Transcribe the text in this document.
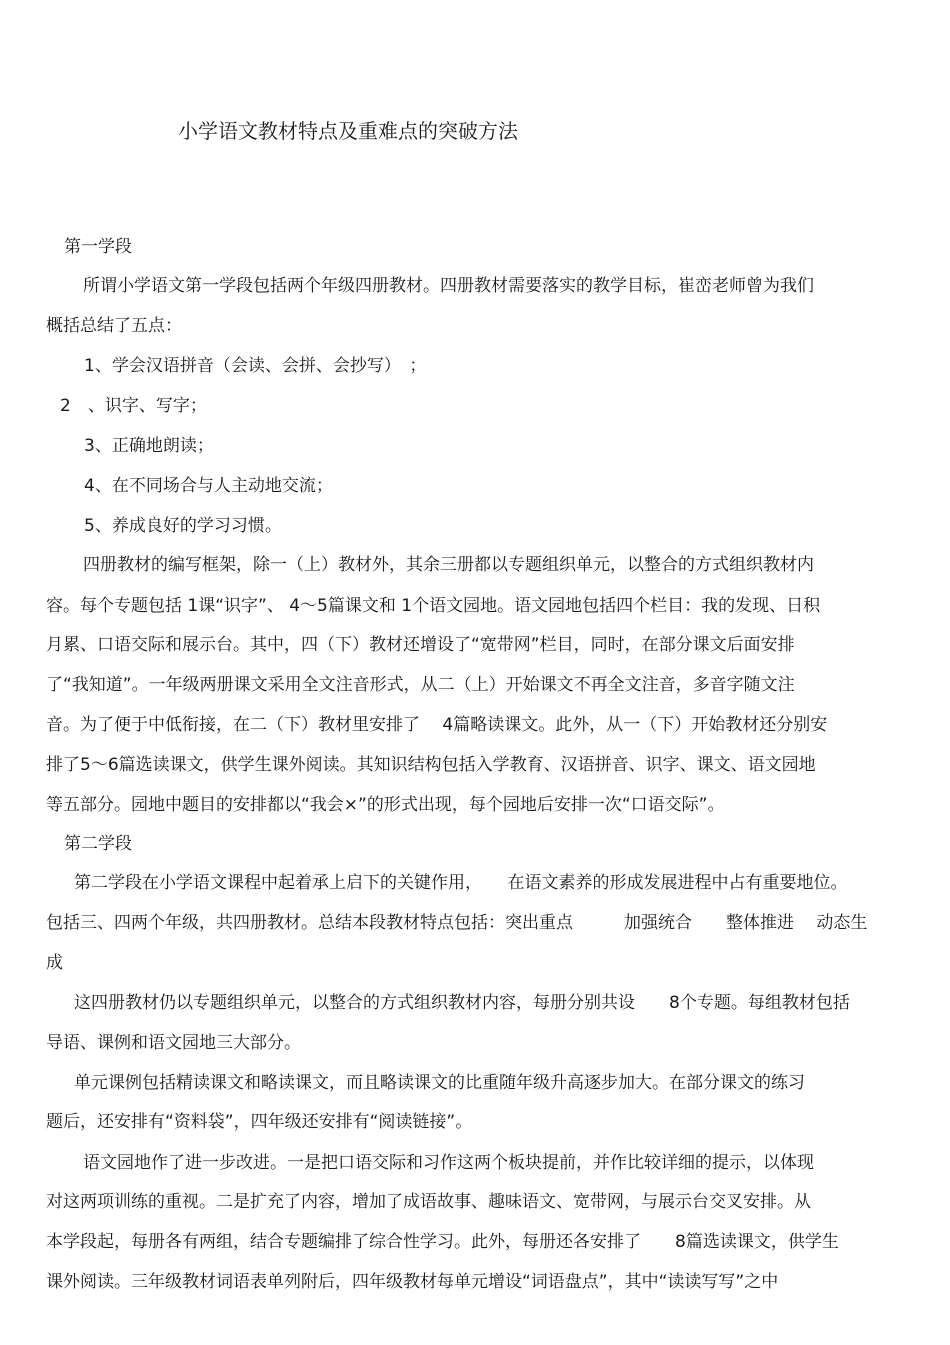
小学语文教材特点及重难点的突破方法
第一学段
所谓小学语文第一学段包括两个年级四册教材。四册教材需要落实的教学目标，崔峦老师曾为我们
概括总结了五点：
1、学会汉语拼音（会读、会拼、会抄写）　；
2　、识字、写字；
3、正确地朗读；
4、在不同场合与人主动地交流；
5、养成良好的学习习惯。
四册教材的编写框架，除一（上）教材外，其余三册都以专题组织单元，以整合的方式组织教材内
容。每个专题包括 1课“识字”、 4～5篇课文和 1个语文园地。语文园地包括四个栏目：我的发现、日积
月累、口语交际和展示台。其中，四（下）教材还增设了“宽带网”栏目，同时，在部分课文后面安排
了“我知道”。一年级两册课文采用全文注音形式，从二（上）开始课文不再全文注音，多音字随文注
音。为了便于中低衔接，在二（下）教材里安排了　 4篇略读课文。此外，从一（下）开始教材还分别安
排了5～6篇选读课文，供学生课外阅读。其知识结构包括入学教育、汉语拼音、识字、课文、语文园地
等五部分。园地中题目的安排都以“我会×”的形式出现，每个园地后安排一次“口语交际”。
第二学段
第二学段在小学语文课程中起着承上启下的关键作用，　　在语文素养的形成发展进程中占有重要地位。
包括三、四两个年级，共四册教材。总结本段教材特点包括：突出重点　　　加强统合　　整体推进　 动态生
成
这四册教材仍以专题组织单元，以整合的方式组织教材内容，每册分别共设　　8个专题。每组教材包括
导语、课例和语文园地三大部分。
单元课例包括精读课文和略读课文，而且略读课文的比重随年级升高逐步加大。在部分课文的练习
题后，还安排有“资料袋”，四年级还安排有“阅读链接”。
语文园地作了进一步改进。一是把口语交际和习作这两个板块提前，并作比较详细的提示，以体现
对这两项训练的重视。二是扩充了内容，增加了成语故事、趣味语文、宽带网，与展示台交叉安排。从
本学段起，每册各有两组，结合专题编排了综合性学习。此外，每册还各安排了　　8篇选读课文，供学生
课外阅读。三年级教材词语表单列附后，四年级教材每单元增设“词语盘点”，其中“读读写写”之中
